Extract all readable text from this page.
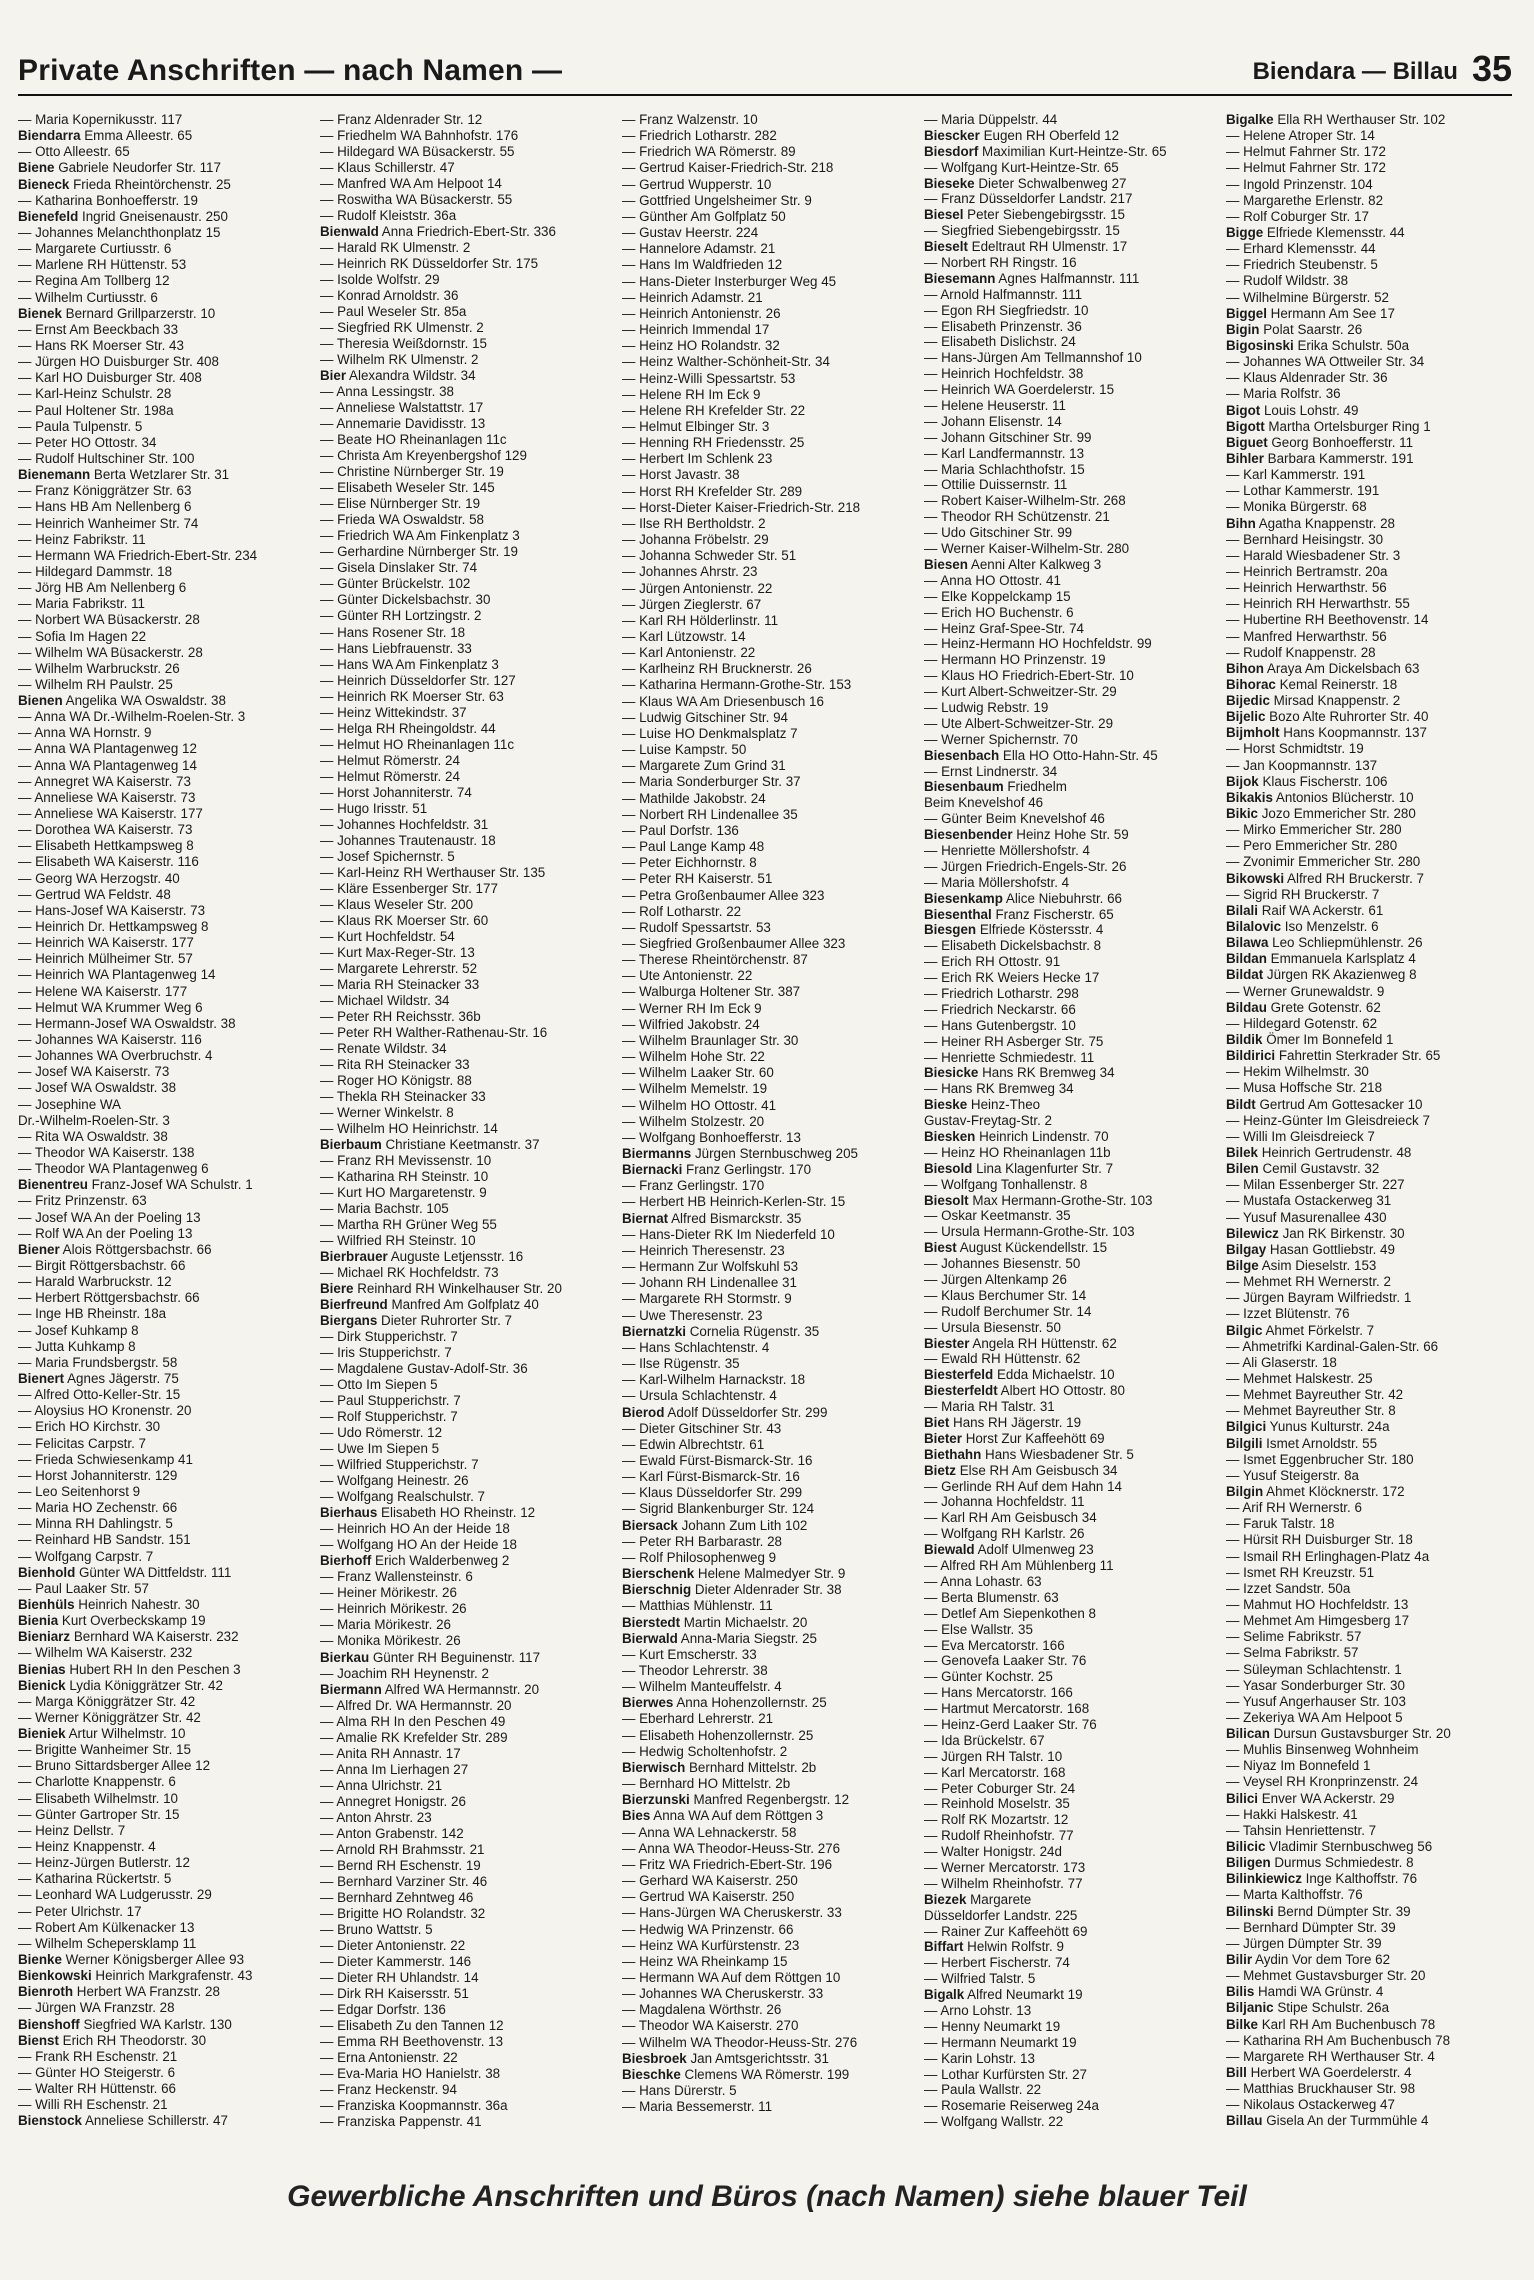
Private Anschriften — nach Namen —	Biendara — Billau 35
— Maria Kopernikusstr. 117
Biendarra Emma Alleestr. 65
— Otto Alleestr. 65
Biene Gabriele Neudorfer Str. 117
Bieneck Frieda Rheintörchenstr. 25
— Katharina Bonhoefferstr. 19
Bienefeld Ingrid Gneisenaustr. 250
— Johannes Melanchthonplatz 15
— Margarete Curtiusstr. 6
— Marlene RH Hüttenstr. 53
— Regina Am Tollberg 12
— Wilhelm Curtiusstr. 6
Bienek Bernard Grillparzerstr. 10
— Ernst Am Beeckbach 33
— Hans RK Moerser Str. 43
— Jürgen HO Duisburger Str. 408
— Karl HO Duisburger Str. 408
— Karl-Heinz Schulstr. 28
— Paul Holtener Str. 198a
— Paula Tulpenstr. 5
— Peter HO Ottostr. 34
— Rudolf Hultschiner Str. 100
Bienemann Berta Wetzlarer Str. 31
— Franz Königgrätzer Str. 63
— Hans HB Am Nellenberg 6
— Heinrich Wanheimer Str. 74
— Heinz Fabrikstr. 11
— Hermann WA Friedrich-Ebert-Str. 234
— Hildegard Dammstr. 18
— Jörg HB Am Nellenberg 6
— Maria Fabrikstr. 11
— Norbert WA Büsackerstr. 28
— Sofia Im Hagen 22
— Wilhelm WA Büsackerstr. 28
— Wilhelm Warbruckstr. 26
— Wilhelm RH Paulstr. 25
Bienen Angelika WA Oswaldstr. 38
— Anna WA Dr.-Wilhelm-Roelen-Str. 3
— Anna WA Hornstr. 9
— Anna WA Plantagenweg 12
— Anna WA Plantagenweg 14
— Annegret WA Kaiserstr. 73
— Anneliese WA Kaiserstr. 73
— Anneliese WA Kaiserstr. 177
— Dorothea WA Kaiserstr. 73
— Elisabeth Hettkampsweg 8
— Elisabeth WA Kaiserstr. 116
— Georg WA Herzogstr. 40
— Gertrud WA Feldstr. 48
— Hans-Josef WA Kaiserstr. 73
— Heinrich Dr. Hettkampsweg 8
— Heinrich WA Kaiserstr. 177
— Heinrich Mülheimer Str. 57
— Heinrich WA Plantagenweg 14
— Helene WA Kaiserstr. 177
— Helmut WA Krummer Weg 6
— Hermann-Josef WA Oswaldstr. 38
— Johannes WA Kaiserstr. 116
— Johannes WA Overbruchstr. 4
— Josef WA Kaiserstr. 73
— Josef WA Oswaldstr. 38
— Josephine WA
Dr.-Wilhelm-Roelen-Str. 3
— Rita WA Oswaldstr. 38
— Theodor WA Kaiserstr. 138
— Theodor WA Plantagenweg 6
Bienentreu Franz-Josef WA Schulstr. 1
— Fritz Prinzenstr. 63
— Josef WA An der Poeling 13
— Rolf WA An der Poeling 13
Biener Alois Röttgersbachstr. 66
— Birgit Röttgersbachstr. 66
— Harald Warbruckstr. 12
— Herbert Röttgersbachstr. 66
— Inge HB Rheinstr. 18a
— Josef Kuhkamp 8
— Jutta Kuhkamp 8
— Maria Frundsbergstr. 58
Bienert Agnes Jägerstr. 75
— Alfred Otto-Keller-Str. 15
— Aloysius HO Kronenstr. 20
— Erich HO Kirchstr. 30
— Felicitas Carpstr. 7
— Frieda Schwiesenkamp 41
— Horst Johanniterstr. 129
— Leo Seitenhorst 9
— Maria HO Zechenstr. 66
— Minna RH Dahlingstr. 5
— Reinhard HB Sandstr. 151
— Wolfgang Carpstr. 7
Bienhold Günter WA Dittfeldstr. 111
— Paul Laaker Str. 57
Bienhüls Heinrich Nahestr. 30
Bienia Kurt Overbeckskamp 19
Bieniarz Bernhard WA Kaiserstr. 232
— Wilhelm WA Kaiserstr. 232
Bienias Hubert RH In den Peschen 3
Bienick Lydia Königgrätzer Str. 42
— Marga Königgrätzer Str. 42
— Werner Königgrätzer Str. 42
Bieniek Artur Wilhelmstr. 10
— Brigitte Wanheimer Str. 15
— Bruno Sittardsberger Allee 12
— Charlotte Knappenstr. 6
— Elisabeth Wilhelmstr. 10
— Günter Gartroper Str. 15
— Heinz Dellstr. 7
— Heinz Knappenstr. 4
— Heinz-Jürgen Butlerstr. 12
— Katharina Rückertstr. 5
— Leonhard WA Ludgerusstr. 29
— Peter Ulrichstr. 17
— Robert Am Külkenacker 13
— Wilhelm Schepersklamp 11
Bienke Werner Königsberger Allee 93
Bienkowski Heinrich Markgrafenstr. 43
Bienroth Herbert WA Franzstr. 28
— Jürgen WA Franzstr. 28
Bienshoff Siegfried WA Karlstr. 130
Bienst Erich RH Theodorstr. 30
— Frank RH Eschenstr. 21
— Günter HO Steigerstr. 6
— Walter RH Hüttenstr. 66
— Willi RH Eschenstr. 21
Bienstock Anneliese Schillerstr. 47
— Franz Aldenrader Str. 12
— Friedhelm WA Bahnhofstr. 176
— Hildegard WA Büsackerstr. 55
— Klaus Schillerstr. 47
— Manfred WA Am Helpoot 14
— Roswitha WA Büsackerstr. 55
— Rudolf Kleiststr. 36a
Bienwald Anna Friedrich-Ebert-Str. 336
— Harald RK Ulmenstr. 2
— Heinrich RK Düsseldorfer Str. 175
— Isolde Wolfstr. 29
— Konrad Arnoldstr. 36
— Paul Weseler Str. 85a
— Siegfried RK Ulmenstr. 2
— Theresia Weißdornstr. 15
— Wilhelm RK Ulmenstr. 2
Bier Alexandra Wildstr. 34
— Anna Lessingstr. 38
— Anneliese Walstattstr. 17
— Annemarie Davidisstr. 13
— Beate HO Rheinanlagen 11c
— Christa Am Kreyenbergshof 129
— Christine Nürnberger Str. 19
— Elisabeth Weseler Str. 145
— Elise Nürnberger Str. 19
— Frieda WA Oswaldstr. 58
— Friedrich WA Am Finkenplatz 3
— Gerhardine Nürnberger Str. 19
— Gisela Dinslaker Str. 74
— Günter Brückelstr. 102
— Günter Dickelsbachstr. 30
— Günter RH Lortzingstr. 2
— Hans Rosener Str. 18
— Hans Liebfrauenstr. 33
— Hans WA Am Finkenplatz 3
— Heinrich Düsseldorfer Str. 127
— Heinrich RK Moerser Str. 63
— Heinz Wittekindstr. 37
— Helga RH Rheingoldstr. 44
— Helmut HO Rheinanlagen 11c
— Helmut Römerstr. 24
— Helmut Römerstr. 24
— Horst Johanniterstr. 74
— Hugo Irisstr. 51
— Johannes Hochfeldstr. 31
— Johannes Trautenaustr. 18
— Josef Spichernstr. 5
— Karl-Heinz RH Werthauser Str. 135
— Kläre Essenberger Str. 177
— Klaus Weseler Str. 200
— Klaus RK Moerser Str. 60
— Kurt Hochfeldstr. 54
— Kurt Max-Reger-Str. 13
— Margarete Lehrerstr. 52
— Maria RH Steinacker 33
— Michael Wildstr. 34
— Peter RH Reichsstr. 36b
— Peter RH Walther-Rathenau-Str. 16
— Renate Wildstr. 34
— Rita RH Steinacker 33
— Roger HO Königstr. 88
— Thekla RH Steinacker 33
— Werner Winkelstr. 8
— Wilhelm HO Heinrichstr. 14
Bierbaum Christiane Keetmanstr. 37
— Franz RH Mevissenstr. 10
— Katharina RH Steinstr. 10
— Kurt HO Margaretenstr. 9
— Maria Bachstr. 105
— Martha RH Grüner Weg 55
— Wilfried RH Steinstr. 10
Bierbrauer Auguste Letjensstr. 16
— Michael RK Hochfeldstr. 73
Biere Reinhard RH Winkelhauser Str. 20
Bierfreund Manfred Am Golfplatz 40
Biergans Dieter Ruhrorter Str. 7
— Dirk Stupperichstr. 7
— Iris Stupperichstr. 7
— Magdalene Gustav-Adolf-Str. 36
— Otto Im Siepen 5
— Paul Stupperichstr. 7
— Rolf Stupperichstr. 7
— Udo Römerstr. 12
— Uwe Im Siepen 5
— Wilfried Stupperichstr. 7
— Wolfgang Heinestr. 26
— Wolfgang Realschulstr. 7
Bierhaus Elisabeth HO Rheinstr. 12
— Heinrich HO An der Heide 18
— Wolfgang HO An der Heide 18
Bierhoff Erich Walderbenweg 2
— Franz Wallensteinstr. 6
— Heiner Mörikestr. 26
— Heinrich Mörikestr. 26
— Maria Mörikestr. 26
— Monika Mörikestr. 26
Bierkau Günter RH Beguinenstr. 117
— Joachim RH Heynenstr. 2
Biermann Alfred WA Hermannstr. 20
— Alfred Dr. WA Hermannstr. 20
— Alma RH In den Peschen 49
— Amalie RK Krefelder Str. 289
— Anita RH Annastr. 17
— Anna Im Lierhagen 27
— Anna Ulrichstr. 21
— Annegret Honigstr. 26
— Anton Ahrstr. 23
— Anton Grabenstr. 142
— Arnold RH Brahmsstr. 21
— Bernd RH Eschenstr. 19
— Bernhard Varziner Str. 46
— Bernhard Zehntweg 46
— Brigitte HO Rolandstr. 32
— Bruno Wattstr. 5
— Dieter Antonienstr. 22
— Dieter Kammerstr. 146
— Dieter RH Uhlandstr. 14
— Dirk RH Kaisersstr. 51
— Edgar Dorfstr. 136
— Elisabeth Zu den Tannen 12
— Emma RH Beethovenstr. 13
— Erna Antonienstr. 22
— Eva-Maria HO Hanielstr. 38
— Franz Heckenstr. 94
— Franziska Koopmannstr. 36a
— Franziska Pappenstr. 41
— Franz Walzenstr. 10
— Friedrich Lotharstr. 282
— Friedrich WA Römerstr. 89
— Gertrud Kaiser-Friedrich-Str. 218
— Gertrud Wupperstr. 10
— Gottfried Ungelsheimer Str. 9
— Günther Am Golfplatz 50
— Gustav Heerstr. 224
— Hannelore Adamstr. 21
— Hans Im Waldfrieden 12
— Hans-Dieter Insterburger Weg 45
— Heinrich Adamstr. 21
— Heinrich Antonienstr. 26
— Heinrich Immendal 17
— Heinz HO Rolandstr. 32
— Heinz Walther-Schönheit-Str. 34
— Heinz-Willi Spessartstr. 53
— Helene RH Im Eck 9
— Helene RH Krefelder Str. 22
— Helmut Elbinger Str. 3
— Henning RH Friedensstr. 25
— Herbert Im Schlenk 23
— Horst Javastr. 38
— Horst RH Krefelder Str. 289
— Horst-Dieter Kaiser-Friedrich-Str. 218
— Ilse RH Bertholdstr. 2
— Johanna Fröbelstr. 29
— Johanna Schweder Str. 51
— Johannes Ahrstr. 23
— Jürgen Antonienstr. 22
— Jürgen Zieglerstr. 67
— Karl RH Hölderlinstr. 11
— Karl Lützowstr. 14
— Karl Antonienstr. 22
— Karlheinz RH Brucknerstr. 26
— Katharina Hermann-Grothe-Str. 153
— Klaus WA Am Driesenbusch 16
— Ludwig Gitschiner Str. 94
— Luise HO Denkmalsplatz 7
— Luise Kampstr. 50
— Margarete Zum Grind 31
— Maria Sonderburger Str. 37
— Mathilde Jakobstr. 24
— Norbert RH Lindenallee 35
— Paul Dorfstr. 136
— Paul Lange Kamp 48
— Peter Eichhornstr. 8
— Peter RH Kaiserstr. 51
— Petra Großenbaumer Allee 323
— Rolf Lotharstr. 22
— Rudolf Spessartstr. 53
— Siegfried Großenbaumer Allee 323
— Therese Rheintörchenstr. 87
— Ute Antonienstr. 22
— Walburga Holtener Str. 387
— Werner RH Im Eck 9
— Wilfried Jakobstr. 24
— Wilhelm Braunlager Str. 30
— Wilhelm Hohe Str. 22
— Wilhelm Laaker Str. 60
— Wilhelm Memelstr. 19
— Wilhelm HO Ottostr. 41
— Wilhelm Stolzestr. 20
— Wolfgang Bonhoefferstr. 13
Biermanns Jürgen Sternbuschweg 205
Biernacki Franz Gerlingstr. 170
— Franz Gerlingstr. 170
— Herbert HB Heinrich-Kerlen-Str. 15
Biernat Alfred Bismarckstr. 35
— Hans-Dieter RK Im Niederfeld 10
— Heinrich Theresenstr. 23
— Hermann Zur Wolfskuhl 53
— Johann RH Lindenallee 31
— Margarete RH Stormstr. 9
— Uwe Theresenstr. 23
Biernatzki Cornelia Rügenstr. 35
— Hans Schlachtenstr. 4
— Ilse Rügenstr. 35
— Karl-Wilhelm Harnackstr. 18
— Ursula Schlachtenstr. 4
Bierod Adolf Düsseldorfer Str. 299
— Dieter Gitschiner Str. 43
— Edwin Albrechtstr. 61
— Ewald Fürst-Bismarck-Str. 16
— Karl Fürst-Bismarck-Str. 16
— Klaus Düsseldorfer Str. 299
— Sigrid Blankenburger Str. 124
Biersack Johann Zum Lith 102
— Peter RH Barbarastr. 28
— Rolf Philosophenweg 9
Bierschenk Helene Malmedyer Str. 9
Bierschnig Dieter Aldenrader Str. 38
— Matthias Mühlenstr. 11
Bierstedt Martin Michaelstr. 20
Bierwald Anna-Maria Siegstr. 25
— Kurt Emscherstr. 33
— Theodor Lehrerstr. 38
— Wilhelm Manteuffelstr. 4
Bierwes Anna Hohenzollernstr. 25
— Eberhard Lehrerstr. 21
— Elisabeth Hohenzollernstr. 25
— Hedwig Scholtenhofstr. 2
Bierwisch Bernhard Mittelstr. 2b
— Bernhard HO Mittelstr. 2b
Bierzunski Manfred Regenbergstr. 12
Bies Anna WA Auf dem Röttgen 3
— Anna WA Lehnackerstr. 58
— Anna WA Theodor-Heuss-Str. 276
— Fritz WA Friedrich-Ebert-Str. 196
— Gerhard WA Kaiserstr. 250
— Gertrud WA Kaiserstr. 250
— Hans-Jürgen WA Cheruskerstr. 33
— Hedwig WA Prinzenstr. 66
— Heinz WA Kurfürstenstr. 23
— Heinz WA Rheinkamp 15
— Hermann WA Auf dem Röttgen 10
— Johannes WA Cheruskerstr. 33
— Magdalena Wörthstr. 26
— Theodor WA Kaiserstr. 270
— Wilhelm WA Theodor-Heuss-Str. 276
Biesbroek Jan Amtsgerichtsstr. 31
Bieschke Clemens WA Römerstr. 199
— Hans Dürerstr. 5
— Maria Bessemerstr. 11
— Maria Düppelstr. 44
Biescker Eugen RH Oberfeld 12
Biesdorf Maximilian Kurt-Heintze-Str. 65
— Wolfgang Kurt-Heintze-Str. 65
Bieseke Dieter Schwalbenweg 27
— Franz Düsseldorfer Landstr. 217
Biesel Peter Siebengebirgsstr. 15
— Siegfried Siebengebirgsstr. 15
Bieselt Edeltraut RH Ulmenstr. 17
— Norbert RH Ringstr. 16
Biesemann Agnes Halfmannstr. 111
— Arnold Halfmannstr. 111
— Egon RH Siegfriedstr. 10
— Elisabeth Prinzenstr. 36
— Elisabeth Dislichstr. 24
— Hans-Jürgen Am Tellmannshof 10
— Heinrich Hochfeldstr. 38
— Heinrich WA Goerdelerstr. 15
— Helene Heuserstr. 11
— Johann Elisenstr. 14
— Johann Gitschiner Str. 99
— Karl Landfermannstr. 13
— Maria Schlachthofstr. 15
— Ottilie Duissernstr. 11
— Robert Kaiser-Wilhelm-Str. 268
— Theodor RH Schützenstr. 21
— Udo Gitschiner Str. 99
— Werner Kaiser-Wilhelm-Str. 280
Biesen Aenni Alter Kalkweg 3
— Anna HO Ottostr. 41
— Elke Koppelckamp 15
— Erich HO Buchenstr. 6
— Heinz Graf-Spee-Str. 74
— Heinz-Hermann HO Hochfeldstr. 99
— Hermann HO Prinzenstr. 19
— Klaus HO Friedrich-Ebert-Str. 10
— Kurt Albert-Schweitzer-Str. 29
— Ludwig Rebstr. 19
— Ute Albert-Schweitzer-Str. 29
— Werner Spichernstr. 70
Biesenbach Ella HO Otto-Hahn-Str. 45
— Ernst Lindnerstr. 34
Biesenbaum Friedhelm
Beim Knevelshof 46
— Günter Beim Knevelshof 46
Biesenbender Heinz Hohe Str. 59
— Henriette Möllershofstr. 4
— Jürgen Friedrich-Engels-Str. 26
— Maria Möllershofstr. 4
Biesenkamp Alice Niebuhrstr. 66
Biesenthal Franz Fischerstr. 65
Biesgen Elfriede Köstersstr. 4
— Elisabeth Dickelsbachstr. 8
— Erich RH Ottostr. 91
— Erich RK Weiers Hecke 17
— Friedrich Lotharstr. 298
— Friedrich Neckarstr. 66
— Hans Gutenbergstr. 10
— Heiner RH Asberger Str. 75
— Henriette Schmiedestr. 11
Biesicke Hans RK Bremweg 34
— Hans RK Bremweg 34
Bieske Heinz-Theo
Gustav-Freytag-Str. 2
Biesken Heinrich Lindenstr. 70
— Heinz HO Rheinanlagen 11b
Biesold Lina Klagenfurter Str. 7
— Wolfgang Tonhallenstr. 8
Biesolt Max Hermann-Grothe-Str. 103
— Oskar Keetmanstr. 35
— Ursula Hermann-Grothe-Str. 103
Biest August Kückendellstr. 15
— Johannes Biesenstr. 50
— Jürgen Altenkamp 26
— Klaus Berchumer Str. 14
— Rudolf Berchumer Str. 14
— Ursula Biesenstr. 50
Biester Angela RH Hüttenstr. 62
— Ewald RH Hüttenstr. 62
Biesterfeld Edda Michaelstr. 10
Biesterfeldt Albert HO Ottostr. 80
— Maria RH Talstr. 31
Biet Hans RH Jägerstr. 19
Bieter Horst Zur Kaffeehött 69
Biethahn Hans Wiesbadener Str. 5
Bietz Else RH Am Geisbusch 34
— Gerlinde RH Auf dem Hahn 14
— Johanna Hochfeldstr. 11
— Karl RH Am Geisbusch 34
— Wolfgang RH Karlstr. 26
Biewald Adolf Ulmenweg 23
— Alfred RH Am Mühlenberg 11
— Anna Lohastr. 63
— Berta Blumenstr. 63
— Detlef Am Siepenkothen 8
— Else Wallstr. 35
— Eva Mercatorstr. 166
— Genovefa Laaker Str. 76
— Günter Kochstr. 25
— Hans Mercatorstr. 166
— Hartmut Mercatorstr. 168
— Heinz-Gerd Laaker Str. 76
— Ida Brückelstr. 67
— Jürgen RH Talstr. 10
— Karl Mercatorstr. 168
— Peter Coburger Str. 24
— Reinhold Moselstr. 35
— Rolf RK Mozartstr. 12
— Rudolf Rheinhofstr. 77
— Walter Honigstr. 24d
— Werner Mercatorstr. 173
— Wilhelm Rheinhofstr. 77
Biezek Margarete
Düsseldorfer Landstr. 225
— Rainer Zur Kaffeehött 69
Biffart Helwin Rolfstr. 9
— Herbert Fischerstr. 74
— Wilfried Talstr. 5
Bigalk Alfred Neumarkt 19
— Arno Lohstr. 13
— Henny Neumarkt 19
— Hermann Neumarkt 19
— Karin Lohstr. 13
— Lothar Kurfürsten Str. 27
— Paula Wallstr. 22
— Rosemarie Reiserweg 24a
— Wolfgang Wallstr. 22
Bigalke Ella RH Werthauser Str. 102
— Helene Atroper Str. 14
— Helmut Fahrner Str. 172
— Helmut Fahrner Str. 172
— Ingold Prinzenstr. 104
— Margarethe Erlenstr. 82
— Rolf Coburger Str. 17
Bigge Elfriede Klemensstr. 44
— Erhard Klemensstr. 44
— Friedrich Steubenstr. 5
— Rudolf Wildstr. 38
— Wilhelmine Bürgerstr. 52
Biggel Hermann Am See 17
Bigin Polat Saarstr. 26
Bigosinski Erika Schulstr. 50a
— Johannes WA Ottweiler Str. 34
— Klaus Aldenrader Str. 36
— Maria Rolfstr. 36
Bigot Louis Lohstr. 49
Bigott Martha Ortelsburger Ring 1
Biguet Georg Bonhoefferstr. 11
Bihler Barbara Kammerstr. 191
— Karl Kammerstr. 191
— Lothar Kammerstr. 191
— Monika Bürgerstr. 68
Bihn Agatha Knappenstr. 28
— Bernhard Heisingstr. 30
— Harald Wiesbadener Str. 3
— Heinrich Bertramstr. 20a
— Heinrich Herwarthstr. 56
— Heinrich RH Herwarthstr. 55
— Hubertine RH Beethovenstr. 14
— Manfred Herwarthstr. 56
— Rudolf Knappenstr. 28
Bihon Araya Am Dickelsbach 63
Bihorac Kemal Reinerstr. 18
Bijedic Mirsad Knappenstr. 2
Bijelic Bozo Alte Ruhrorter Str. 40
Bijmholt Hans Koopmannstr. 137
— Horst Schmidtstr. 19
— Jan Koopmannstr. 137
Bijok Klaus Fischerstr. 106
Bikakis Antonios Blücherstr. 10
Bikic Jozo Emmericher Str. 280
— Mirko Emmericher Str. 280
— Pero Emmericher Str. 280
— Zvonimir Emmericher Str. 280
Bikowski Alfred RH Bruckerstr. 7
— Sigrid RH Bruckerstr. 7
Bilali Raif WA Ackerstr. 61
Bilalovic Iso Menzelstr. 6
Bilawa Leo Schliepmühlenstr. 26
Bildan Emmanuela Karlsplatz 4
Bildat Jürgen RK Akazienweg 8
— Werner Grunewaldstr. 9
Bildau Grete Gotenstr. 62
— Hildegard Gotenstr. 62
Bildik Ömer Im Bonnefeld 1
Bildirici Fahrettin Sterkrader Str. 65
— Hekim Wilhelmstr. 30
— Musa Hoffsche Str. 218
Bildt Gertrud Am Gottesacker 10
— Heinz-Günter Im Gleisdreieck 7
— Willi Im Gleisdreieck 7
Bilek Heinrich Gertrudenstr. 48
Bilen Cemil Gustavstr. 32
— Milan Essenberger Str. 227
— Mustafa Ostackerweg 31
— Yusuf Masurenallee 430
Bilewicz Jan RK Birkenstr. 30
Bilgay Hasan Gottliebstr. 49
Bilge Asim Dieselstr. 153
— Mehmet RH Wernerstr. 2
— Jürgen Bayram Wilfriedstr. 1
— Izzet Blütenstr. 76
Bilgic Ahmet Förkelstr. 7
— Ahmetrifki Kardinal-Galen-Str. 66
— Ali Glaserstr. 18
— Mehmet Halskestr. 25
— Mehmet Bayreuther Str. 42
— Mehmet Bayreuther Str. 8
Bilgici Yunus Kulturstr. 24a
Bilgili Ismet Arnoldstr. 55
— Ismet Eggenbrucher Str. 180
— Yusuf Steigerstr. 8a
Bilgin Ahmet Klöcknerstr. 172
— Arif RH Wernerstr. 6
— Faruk Talstr. 18
— Hürsit RH Duisburger Str. 18
— Ismail RH Erlinghagen-Platz 4a
— Ismet RH Kreuzstr. 51
— Izzet Sandstr. 50a
— Mahmut HO Hochfeldstr. 13
— Mehmet Am Himgesberg 17
— Selime Fabrikstr. 57
— Selma Fabrikstr. 57
— Süleyman Schlachtenstr. 1
— Yasar Sonderburger Str. 30
— Yusuf Angerhauser Str. 103
— Zekeriya WA Am Helpoot 5
Bilican Dursun Gustavsburger Str. 20
— Muhlis Binsenweg Wohnheim
— Niyaz Im Bonnefeld 1
— Veysel RH Kronprinzenstr. 24
Bilici Enver WA Ackerstr. 29
— Hakki Halskestr. 41
— Tahsin Henriettenstr. 7
Bilicic Vladimir Sternbuschweg 56
Biligen Durmus Schmiedestr. 8
Bilinkiewicz Inge Kalthoffstr. 76
— Marta Kalthoffstr. 76
Bilinski Bernd Dümpter Str. 39
— Bernhard Dümpter Str. 39
— Jürgen Dümpter Str. 39
Bilir Aydin Vor dem Tore 62
— Mehmet Gustavsburger Str. 20
Bilis Hamdi WA Grünstr. 4
Biljanic Stipe Schulstr. 26a
Bilke Karl RH Am Buchenbusch 78
— Katharina RH Am Buchenbusch 78
— Margarete RH Werthauser Str. 4
Bill Herbert WA Goerdelerstr. 4
— Matthias Bruckhauser Str. 98
— Nikolaus Ostackerweg 47
Billau Gisela An der Turmmühle 4
Gewerbliche Anschriften und Büros (nach Namen) siehe blauer Teil
